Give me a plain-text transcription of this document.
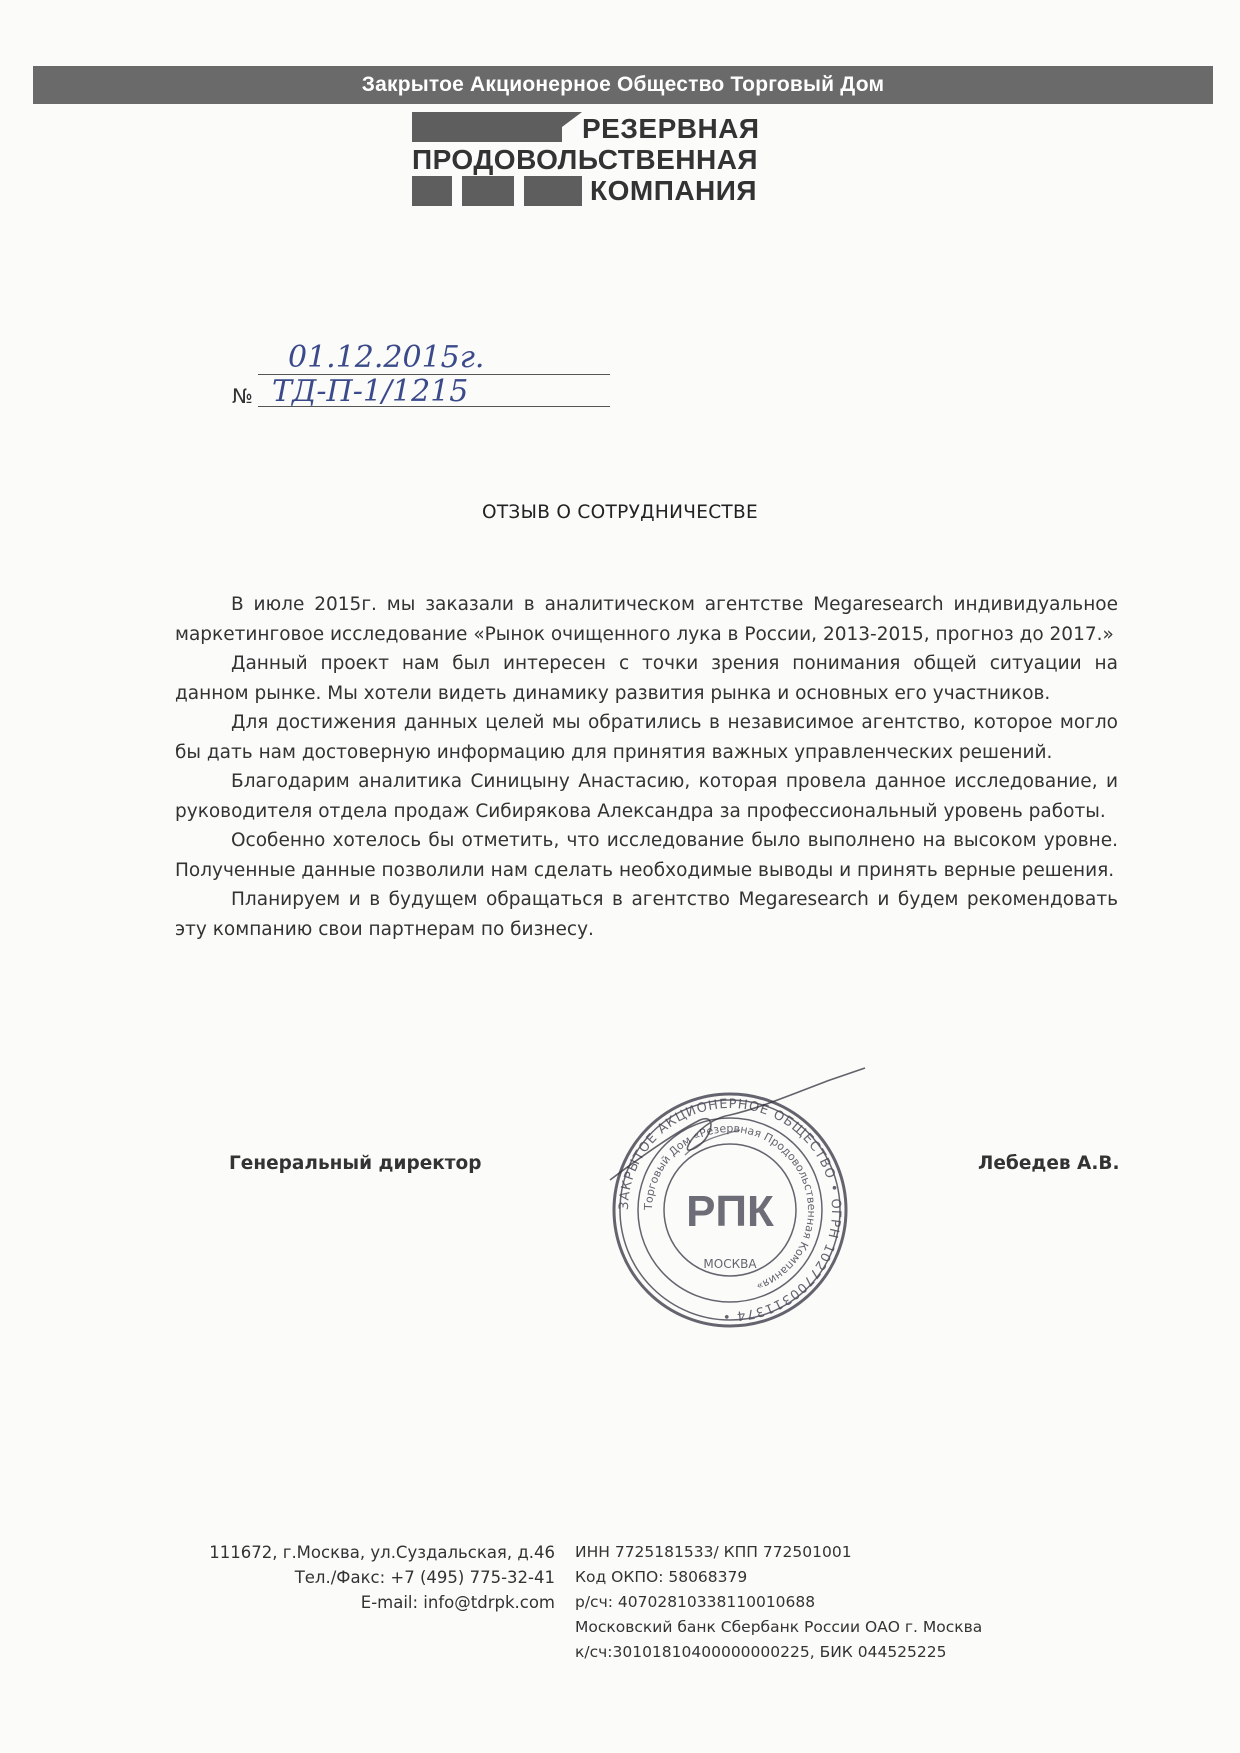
Закрытое Акционерное Общество Торговый Дом
РЕЗЕРВНАЯ
ПРОДОВОЛЬСТВЕННАЯ
КОМПАНИЯ
01.12.2015г.
№ ТД-П-1/1215
ОТЗЫВ О СОТРУДНИЧЕСТВЕ

В июле 2015г. мы заказали в аналитическом агентстве Megaresearch индивидуальное маркетинговое исследование «Рынок очищенного лука в России, 2013-2015, прогноз до 2017.»

Данный проект нам был интересен с точки зрения понимания общей ситуации на данном рынке. Мы хотели видеть динамику развития рынка и основных его участников.

Для достижения данных целей мы обратились в независимое агентство, которое могло бы дать нам достоверную информацию для принятия важных управленческих решений.

Благодарим аналитика Синицыну Анастасию, которая провела данное исследование, и руководителя отдела продаж Сибирякова Александра за профессиональный уровень работы.

Особенно хотелось бы отметить, что исследование было выполнено на высоком уровне. Полученные данные позволили нам сделать необходимые выводы и принять верные решения.

Планируем и в будущем обращаться в агентство Megaresearch и будем рекомендовать эту компанию свои партнерам по бизнесу.

Генеральный директор	Лебедев А.В.
ЗАКРЫТОЕ АКЦИОНЕРНОЕ ОБЩЕСТВО • ОГРН 1027700311374 •
Торговый Дом «Резервная Продовольственная Компания»
РПК
МОСКВА
111672, г.Москва, ул.Суздальская, д.46
Тел./Факс: +7 (495) 775-32-41
E-mail: info@tdrpk.com
ИНН 7725181533/ КПП 772501001
Код ОКПО: 58068379
р/сч: 40702810338110010688
Московский банк Сбербанк России ОАО г. Москва
к/сч:30101810400000000225, БИК 044525225
